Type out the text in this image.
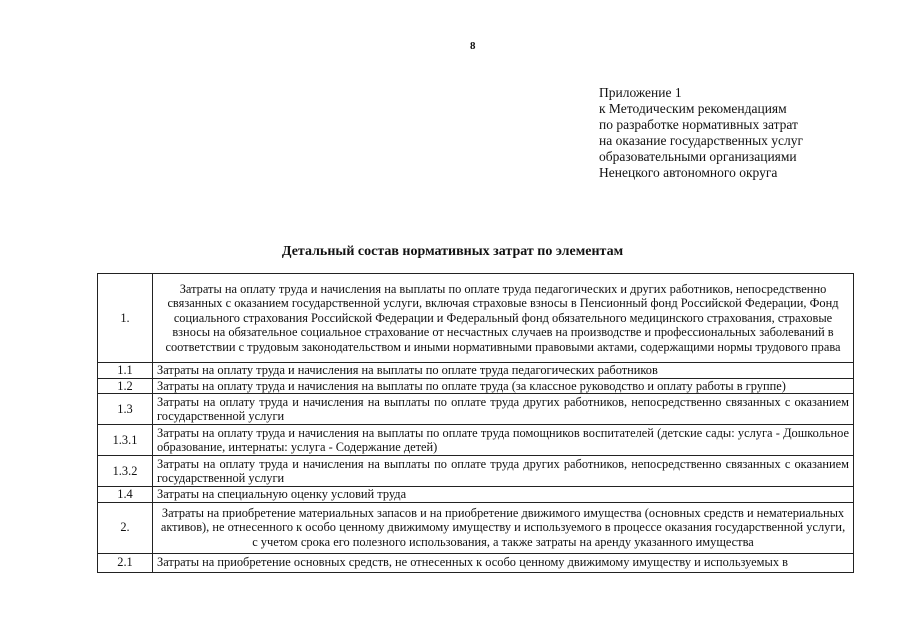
8
Приложение 1
к Методическим рекомендациям
по разработке нормативных затрат
на оказание государственных услуг
образовательными организациями
Ненецкого автономного округа
Детальный состав нормативных затрат по элементам
1.	Затраты на оплату труда и начисления на выплаты по оплате труда педагогических и других работников, непосредственно связанных с оказанием государственной услуги, включая страховые взносы в Пенсионный фонд Российской Федерации, Фонд социального страхования Российской Федерации и Федеральный фонд обязательного медицинского страхования, страховые взносы на обязательное социальное страхование от несчастных случаев на производстве и профессиональных заболеваний в соответствии с трудовым законодательством и иными нормативными правовыми актами, содержащими нормы трудового права
1.1	Затраты на оплату труда и начисления на выплаты по оплате труда педагогических работников
1.2	Затраты на оплату труда и начисления на выплаты по оплате труда (за классное руководство и оплату работы в группе)
1.3	Затраты на оплату труда и начисления на выплаты по оплате труда других работников, непосредственно связанных с оказанием государственной услуги
1.3.1	Затраты на оплату труда и начисления на выплаты по оплате труда помощников воспитателей (детские сады: услуга - Дошкольное образование, интернаты: услуга - Содержание детей)
1.3.2	Затраты на оплату труда и начисления на выплаты по оплате труда других работников, непосредственно связанных с оказанием государственной услуги
1.4	Затраты на специальную оценку условий труда
2.	Затраты на приобретение материальных запасов и на приобретение движимого имущества (основных средств и нематериальных активов), не отнесенного к особо ценному движимому имуществу и используемого в процессе оказания государственной услуги, с учетом срока его полезного использования, а также затраты на аренду указанного имущества
2.1	Затраты на приобретение основных средств, не отнесенных к особо ценному движимому имуществу и используемых в
